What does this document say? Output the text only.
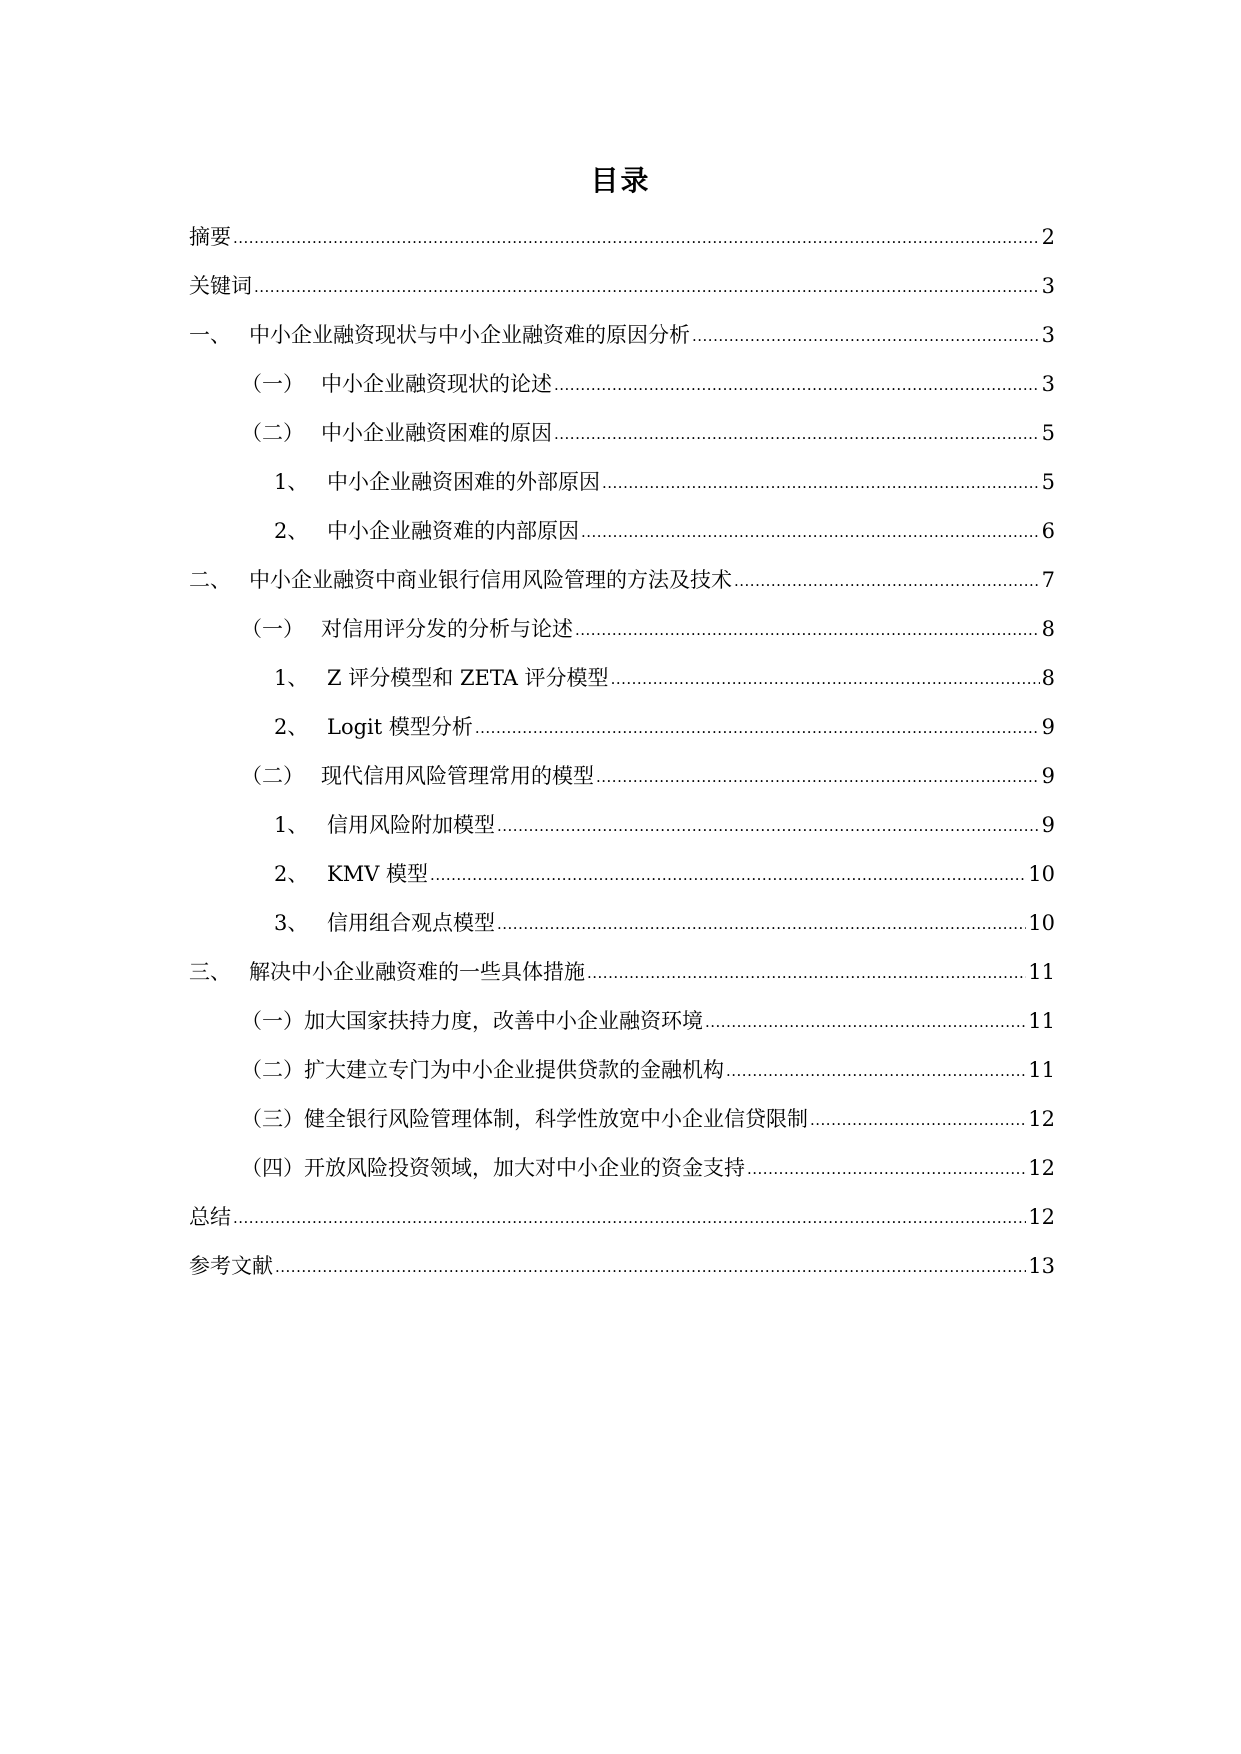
目录
摘要 .....	2
关键词 .....	3
一、 中小企业融资现状与中小企业融资难的原因分析 .....	3
（一） 中小企业融资现状的论述 .....	3
（二） 中小企业融资困难的原因 .....	5
1、 中小企业融资困难的外部原因 .....	5
2、 中小企业融资难的内部原因 .....	6
二、 中小企业融资中商业银行信用风险管理的方法及技术 .....	7
（一） 对信用评分发的分析与论述 .....	8
1、 Z 评分模型和 ZETA 评分模型 .....	8
2、 Logit 模型分析 .....	9
（二） 现代信用风险管理常用的模型 .....	9
1、 信用风险附加模型 .....	9
2、 KMV 模型 .....	10
3、 信用组合观点模型 .....	10
三、 解决中小企业融资难的一些具体措施 .....	11
（一）加大国家扶持力度，改善中小企业融资环境 .....	11
（二）扩大建立专门为中小企业提供贷款的金融机构 .....	11
（三）健全银行风险管理体制，科学性放宽中小企业信贷限制 .....	12
（四）开放风险投资领域，加大对中小企业的资金支持 .....	12
总结 .....	12
参考文献 .....	13
